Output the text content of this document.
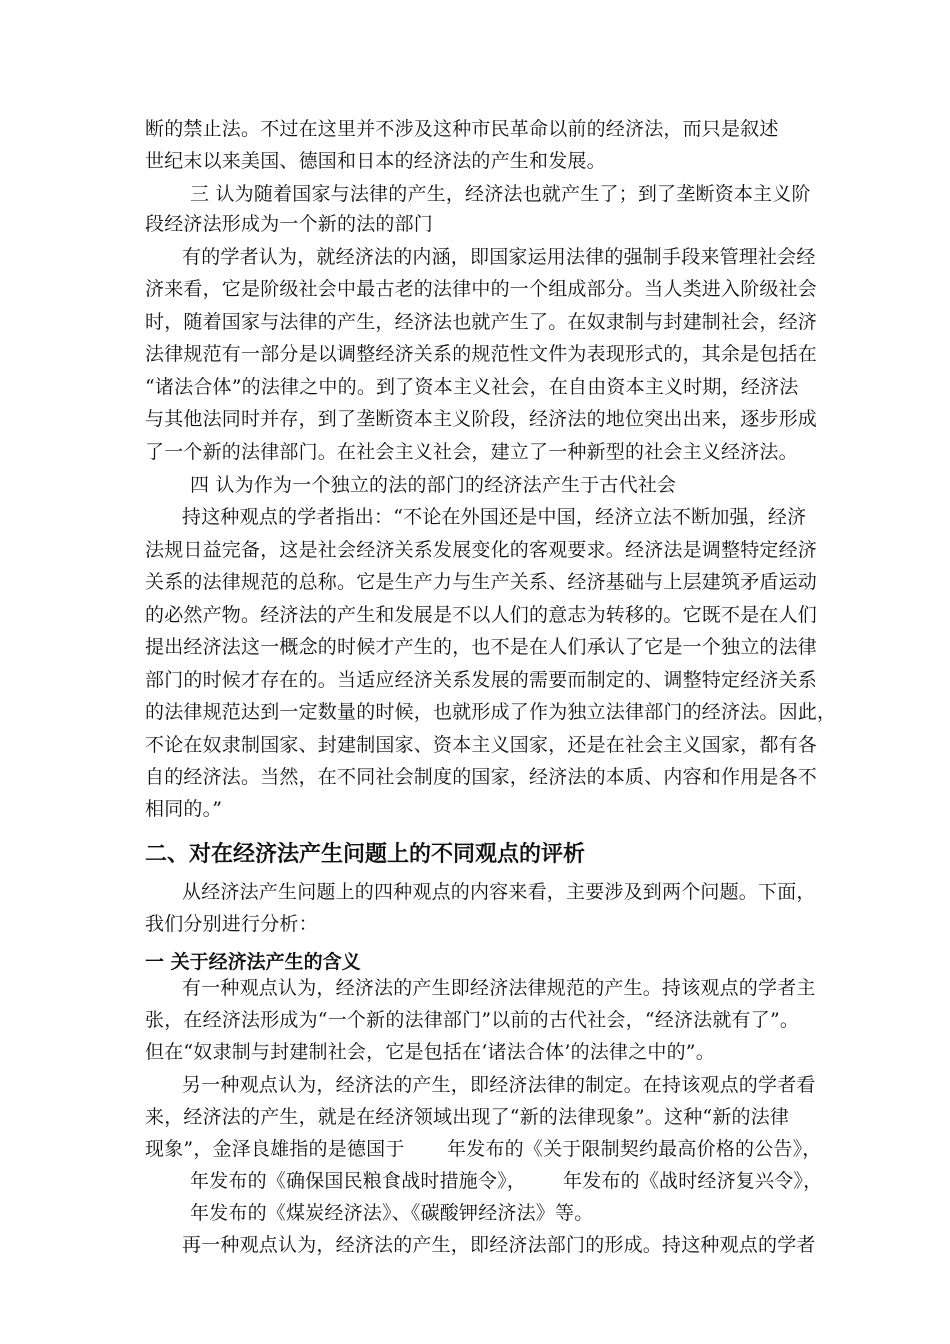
断的禁止法。不过在这里并不涉及这种市民革命以前的经济法，而只是叙述
世纪末以来美国、德国和日本的经济法的产生和发展。
三 认为随着国家与法律的产生，经济法也就产生了；到了垄断资本主义阶
段经济法形成为一个新的法的部门
有的学者认为，就经济法的内涵，即国家运用法律的强制手段来管理社会经
济来看，它是阶级社会中最古老的法律中的一个组成部分。当人类进入阶级社会
时，随着国家与法律的产生，经济法也就产生了。在奴隶制与封建制社会，经济
法律规范有一部分是以调整经济关系的规范性文件为表现形式的，其余是包括在
“诸法合体”的法律之中的。到了资本主义社会，在自由资本主义时期，经济法
与其他法同时并存，到了垄断资本主义阶段，经济法的地位突出出来，逐步形成
了一个新的法律部门。在社会主义社会，建立了一种新型的社会主义经济法。
四 认为作为一个独立的法的部门的经济法产生于古代社会
持这种观点的学者指出：“不论在外国还是中国，经济立法不断加强，经济
法规日益完备，这是社会经济关系发展变化的客观要求。经济法是调整特定经济
关系的法律规范的总称。它是生产力与生产关系、经济基础与上层建筑矛盾运动
的必然产物。经济法的产生和发展是不以人们的意志为转移的。它既不是在人们
提出经济法这一概念的时候才产生的，也不是在人们承认了它是一个独立的法律
部门的时候才存在的。当适应经济关系发展的需要而制定的、调整特定经济关系
的法律规范达到一定数量的时候，也就形成了作为独立法律部门的经济法。因此，
不论在奴隶制国家、封建制国家、资本主义国家，还是在社会主义国家，都有各
自的经济法。当然，在不同社会制度的国家，经济法的本质、内容和作用是各不
相同的。”
二、对在经济法产生问题上的不同观点的评析
从经济法产生问题上的四种观点的内容来看，主要涉及到两个问题。下面，
我们分别进行分析：
一 关于经济法产生的含义
有一种观点认为，经济法的产生即经济法律规范的产生。持该观点的学者主
张，在经济法形成为“一个新的法律部门”以前的古代社会，“经济法就有了”。
但在“奴隶制与封建制社会，它是包括在‘诸法合体’的法律之中的”。
另一种观点认为，经济法的产生，即经济法律的制定。在持该观点的学者看
来，经济法的产生，就是在经济领域出现了“新的法律现象”。这种“新的法律
现象”，金泽良雄指的是德国于 年发布的《关于限制契约最高价格的公告》，
年发布的《确保国民粮食战时措施令》， 年发布的《战时经济复兴令》，
年发布的《煤炭经济法》、《碳酸钾经济法》等。
再一种观点认为，经济法的产生，即经济法部门的形成。持这种观点的学者
